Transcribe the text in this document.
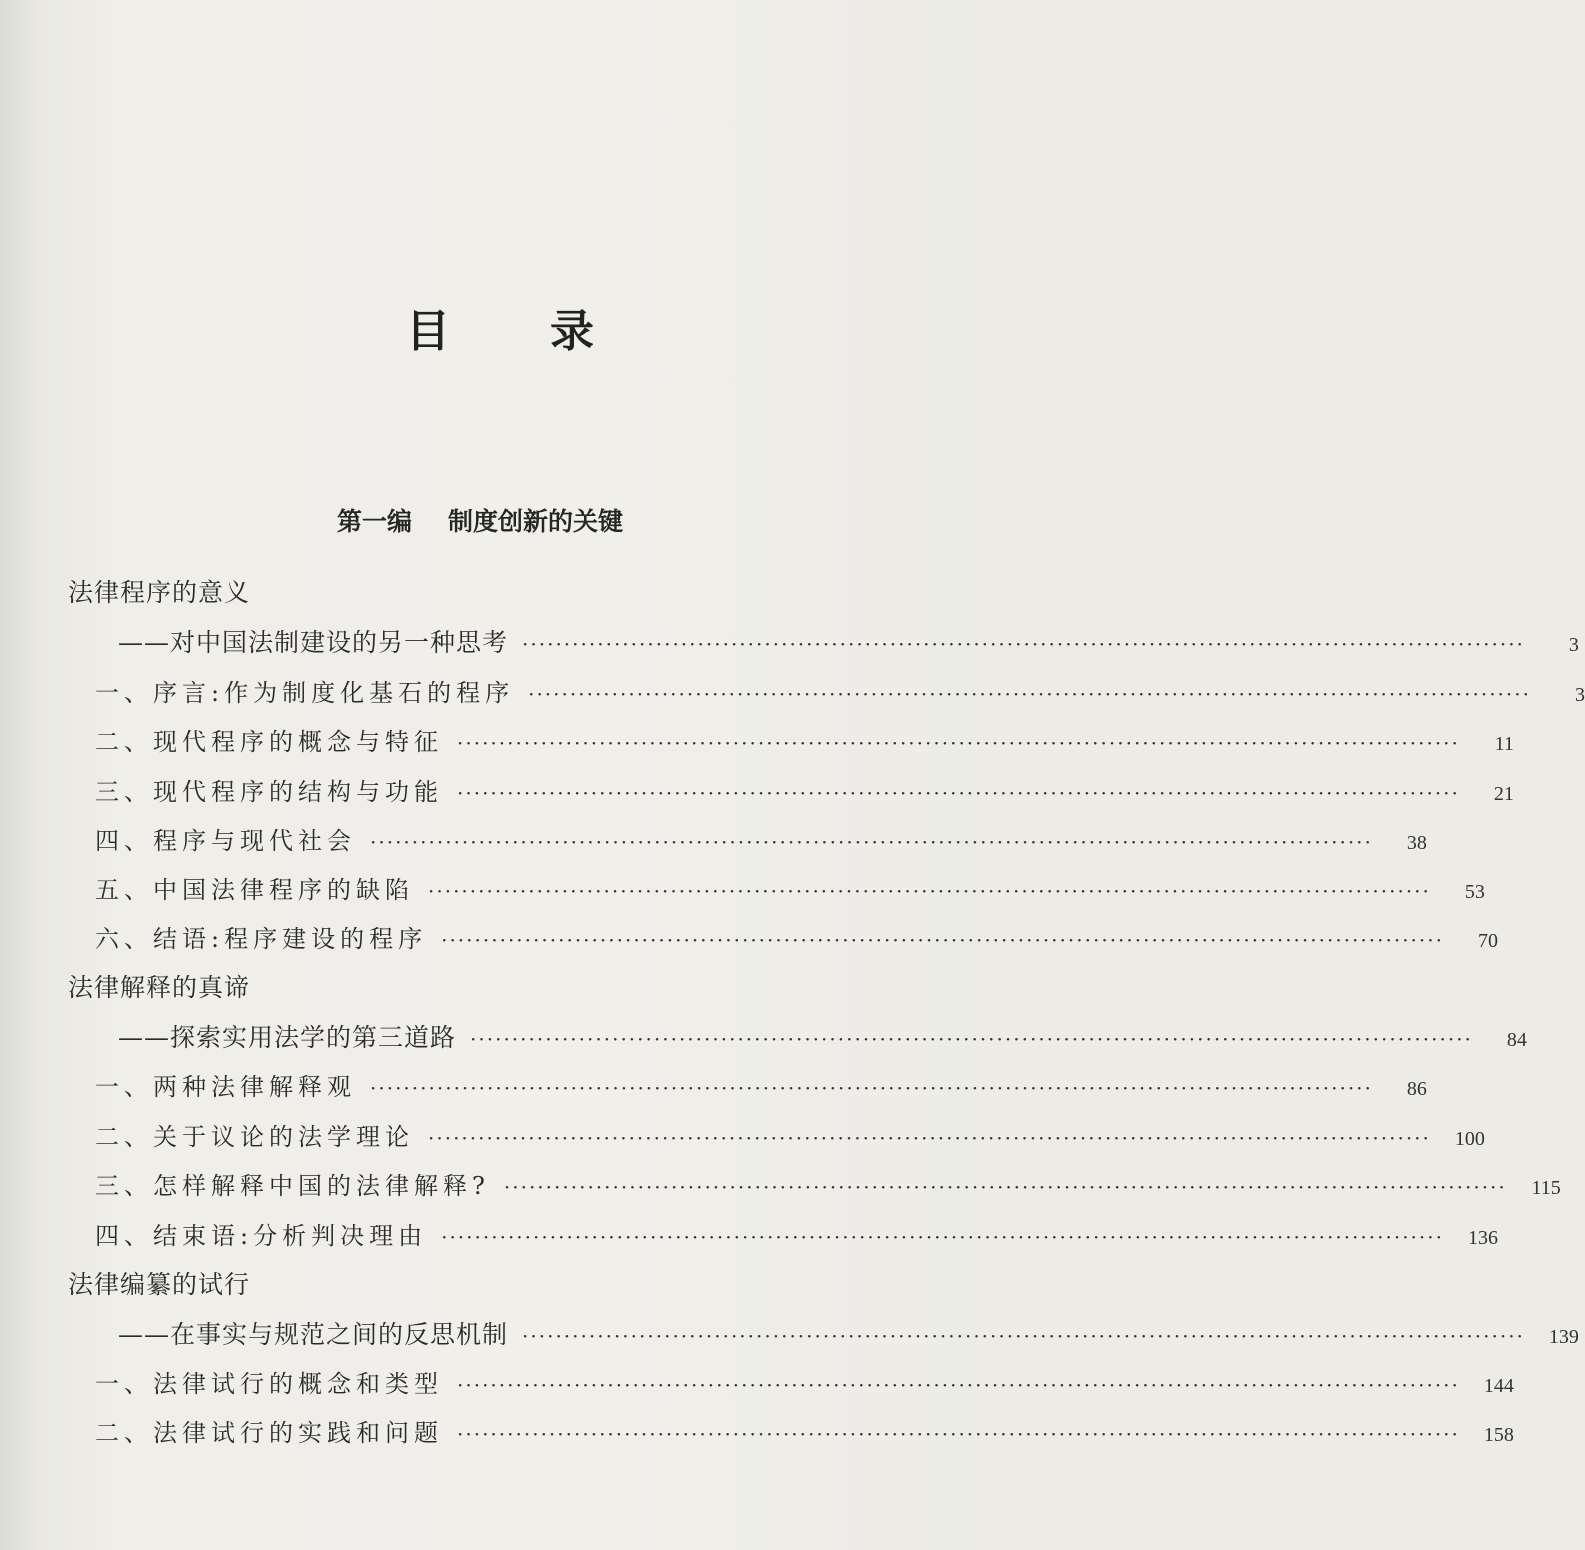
目 录
第一编 制度创新的关键
法律程序的意义
——对中国法制建设的另一种思考 ························································································································	3
一、序言:作为制度化基石的程序 ························································································································	3
二、现代程序的概念与特征 ························································································································	11
三、现代程序的结构与功能 ························································································································	21
四、程序与现代社会 ························································································································	38
五、中国法律程序的缺陷 ························································································································	53
六、结语:程序建设的程序 ························································································································	70
法律解释的真谛
——探索实用法学的第三道路 ························································································································	84
一、两种法律解释观 ························································································································	86
二、关于议论的法学理论 ························································································································	100
三、怎样解释中国的法律解释? ························································································································	115
四、结束语:分析判决理由 ························································································································	136
法律编纂的试行
——在事实与规范之间的反思机制 ························································································································	139
一、法律试行的概念和类型 ························································································································	144
二、法律试行的实践和问题 ························································································································	158
